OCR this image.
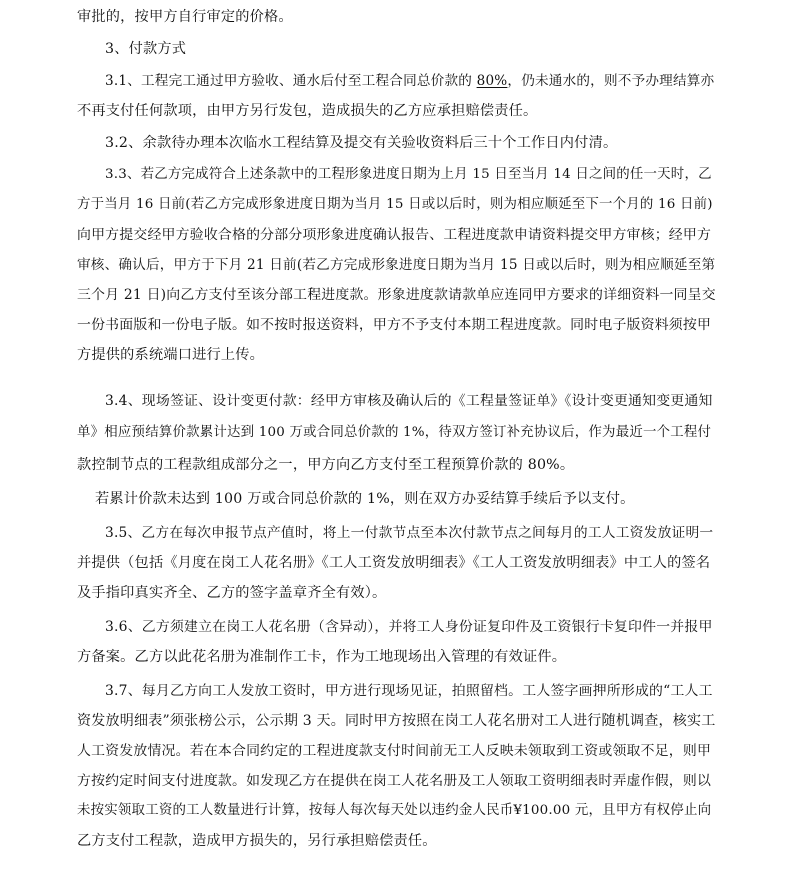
审批的，按甲方自行审定的价格。
3、付款方式
3.1、工程完工通过甲方验收、通水后付至工程合同总价款的 80%，仍未通水的，则不予办理结算亦
不再支付任何款项，由甲方另行发包，造成损失的乙方应承担赔偿责任。
3.2、余款待办理本次临水工程结算及提交有关验收资料后三十个工作日内付清。
3.3、若乙方完成符合上述条款中的工程形象进度日期为上月 15 日至当月 14 日之间的任一天时，乙
方于当月 16 日前(若乙方完成形象进度日期为当月 15 日或以后时，则为相应顺延至下一个月的 16 日前)
向甲方提交经甲方验收合格的分部分项形象进度确认报告、工程进度款申请资料提交甲方审核；经甲方
审核、确认后，甲方于下月 21 日前(若乙方完成形象进度日期为当月 15 日或以后时，则为相应顺延至第
三个月 21 日)向乙方支付至该分部工程进度款。形象进度款请款单应连同甲方要求的详细资料一同呈交
一份书面版和一份电子版。如不按时报送资料，甲方不予支付本期工程进度款。同时电子版资料须按甲
方提供的系统端口进行上传。
3.4、现场签证、设计变更付款：经甲方审核及确认后的《工程量签证单》《设计变更通知变更通知
单》相应预结算价款累计达到 100 万或合同总价款的 1%，待双方签订补充协议后，作为最近一个工程付
款控制节点的工程款组成部分之一，甲方向乙方支付至工程预算价款的 80%。
若累计价款未达到 100 万或合同总价款的 1%，则在双方办妥结算手续后予以支付。
3.5、乙方在每次申报节点产值时，将上一付款节点至本次付款节点之间每月的工人工资发放证明一
并提供（包括《月度在岗工人花名册》《工人工资发放明细表》《工人工资发放明细表》中工人的签名
及手指印真实齐全、乙方的签字盖章齐全有效）。
3.6、乙方须建立在岗工人花名册（含异动），并将工人身份证复印件及工资银行卡复印件一并报甲
方备案。乙方以此花名册为准制作工卡，作为工地现场出入管理的有效证件。
3.7、每月乙方向工人发放工资时，甲方进行现场见证，拍照留档。工人签字画押所形成的“工人工
资发放明细表”须张榜公示，公示期 3 天。同时甲方按照在岗工人花名册对工人进行随机调查，核实工
人工资发放情况。若在本合同约定的工程进度款支付时间前无工人反映未领取到工资或领取不足，则甲
方按约定时间支付进度款。如发现乙方在提供在岗工人花名册及工人领取工资明细表时弄虚作假，则以
未按实领取工资的工人数量进行计算，按每人每次每天处以违约金人民币¥100.00 元，且甲方有权停止向
乙方支付工程款，造成甲方损失的，另行承担赔偿责任。
